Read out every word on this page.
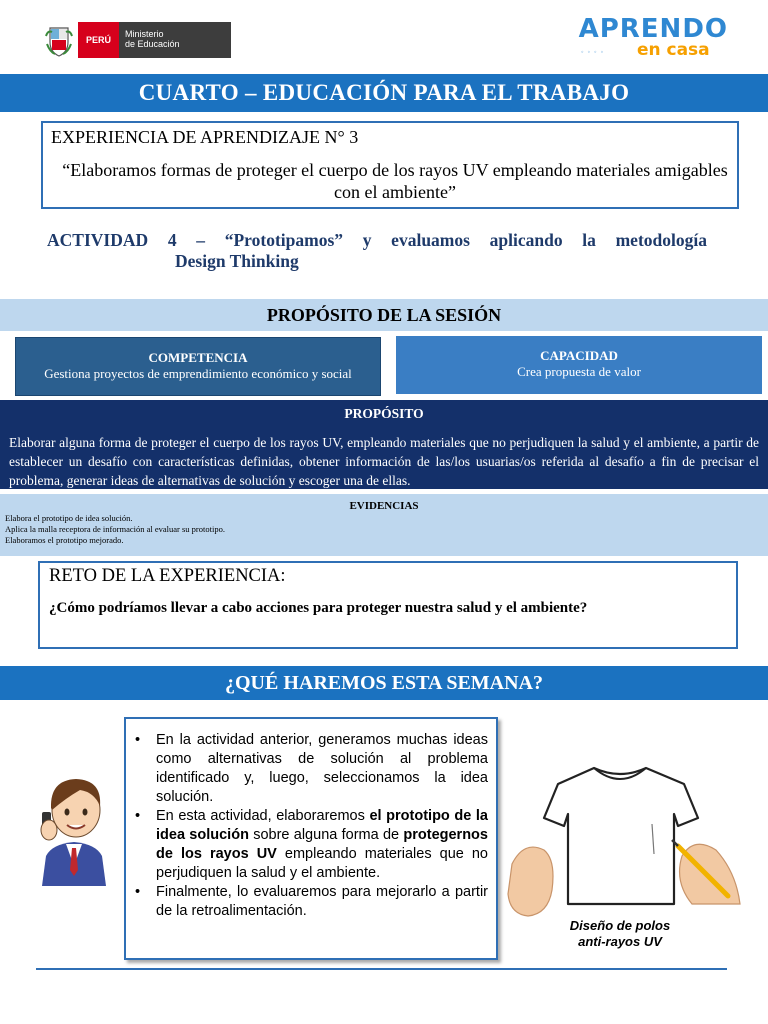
PERÚ
Ministerio
de Educación	APRENDO
en casa
◦◦◦◦
CUARTO – EDUCACIÓN PARA EL TRABAJO
EXPERIENCIA DE APRENDIZAJE N° 3
“Elaboramos formas de proteger el cuerpo de los rayos UV empleando materiales amigables con el ambiente”
ACTIVIDAD 4 – “Prototipamos” y evaluamos aplicando la metodología
Design Thinking
PROPÓSITO DE LA SESIÓN
COMPETENCIA
Gestiona proyectos de emprendimiento económico y social
CAPACIDAD
Crea propuesta de valor
PROPÓSITO
Elaborar alguna forma de proteger el cuerpo de los rayos UV, empleando materiales que no perjudiquen la salud y el ambiente, a partir de establecer un desafío con características definidas, obtener información de las/los usuarias/os referida al desafío a fin de precisar el problema, generar ideas de alternativas de solución y escoger una de ellas.
EVIDENCIAS
Elabora el prototipo de idea solución.
Aplica la malla receptora de información al evaluar su prototipo.
Elaboramos el prototipo mejorado.
RETO DE LA EXPERIENCIA:
¿Cómo podríamos llevar a cabo acciones para proteger nuestra salud y el ambiente?
¿QUÉ HAREMOS ESTA SEMANA?
• En la actividad anterior, generamos muchas ideas como alternativas de solución al problema identificado y, luego, seleccionamos la idea solución.
• En esta actividad, elaboraremos el prototipo de la idea solución sobre alguna forma de protegernos de los rayos UV empleando materiales que no perjudiquen la salud y el ambiente.
• Finalmente, lo evaluaremos para mejorarlo a partir de la retroalimentación.
Diseño de polos
anti-rayos UV
